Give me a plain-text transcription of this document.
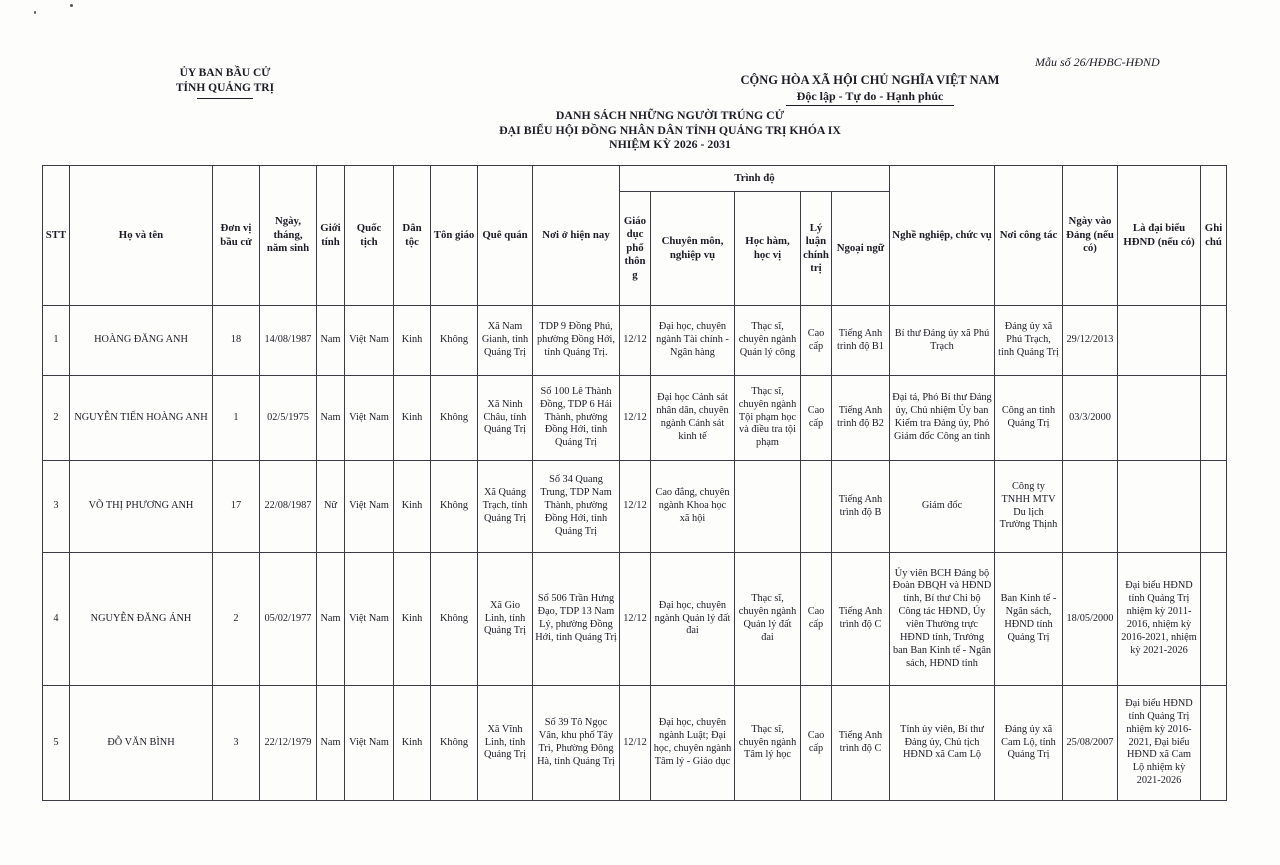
ỦY BAN BẦU CỬ
TỈNH QUẢNG TRỊ
Mẫu số 26/HĐBC-HĐND
CỘNG HÒA XÃ HỘI CHỦ NGHĨA VIỆT NAM
Độc lập - Tự do - Hạnh phúc
DANH SÁCH NHỮNG NGƯỜI TRÚNG CỬ
ĐẠI BIỂU HỘI ĐỒNG NHÂN DÂN TỈNH QUẢNG TRỊ KHÓA IX
NHIỆM KỲ 2026 - 2031
STT	Họ và tên	Đơn vị bầu cử	Ngày, tháng, năm sinh	Giới tính	Quốc tịch	Dân tộc	Tôn giáo	Quê quán	Nơi ở hiện nay	Trình độ					Nghề nghiệp, chức vụ	Nơi công tác	Ngày vào Đảng (nếu có)	Là đại biểu HĐND (nếu có)	Ghi chú
										Giáo dục phổ thông	Chuyên môn, nghiệp vụ	Học hàm, học vị	Lý luận chính trị	Ngoại ngữ					
1	HOÀNG ĐĂNG ANH	18	14/08/1987	Nam	Việt Nam	Kinh	Không	Xã Nam Gianh, tỉnh Quảng Trị	TDP 9 Đồng Phú, phường Đồng Hới, tỉnh Quảng Trị.	12/12	Đại học, chuyên ngành Tài chính - Ngân hàng	Thạc sĩ, chuyên ngành Quản lý công	Cao cấp	Tiếng Anh trình độ B1	Bí thư Đảng ủy xã Phú Trạch	Đảng ủy xã Phú Trạch, tỉnh Quảng Trị	29/12/2013		
2	NGUYỄN TIẾN HOÀNG ANH	1	02/5/1975	Nam	Việt Nam	Kinh	Không	Xã Ninh Châu, tỉnh Quảng Trị	Số 100 Lê Thành Đồng, TDP 6 Hải Thành, phường Đồng Hới, tỉnh Quảng Trị	12/12	Đại học Cảnh sát nhân dân, chuyên ngành Cảnh sát kinh tế	Thạc sĩ, chuyên ngành Tội phạm học và điều tra tội phạm	Cao cấp	Tiếng Anh trình độ B2	Đại tá, Phó Bí thư Đảng ủy, Chủ nhiệm Ủy ban Kiểm tra Đảng ủy, Phó Giám đốc Công an tỉnh	Công an tỉnh Quảng Trị	03/3/2000		
3	VÕ THỊ PHƯƠNG ANH	17	22/08/1987	Nữ	Việt Nam	Kinh	Không	Xã Quảng Trạch, tỉnh Quảng Trị	Số 34 Quang Trung, TDP Nam Thành, phường Đồng Hới, tỉnh Quảng Trị	12/12	Cao đẳng, chuyên ngành Khoa học xã hội			Tiếng Anh trình độ B	Giám đốc	Công ty TNHH MTV Du lịch Trường Thịnh			
4	NGUYỄN ĐĂNG ÁNH	2	05/02/1977	Nam	Việt Nam	Kinh	Không	Xã Gio Linh, tỉnh Quảng Trị	Số 506 Trần Hưng Đạo, TDP 13 Nam Lý, phường Đồng Hới, tỉnh Quảng Trị	12/12	Đại học, chuyên ngành Quản lý đất đai	Thạc sĩ, chuyên ngành Quản lý đất đai	Cao cấp	Tiếng Anh trình độ C	Ủy viên BCH Đảng bộ Đoàn ĐBQH và HĐND tỉnh, Bí thư Chi bộ Công tác HĐND, Ủy viên Thường trực HĐND tỉnh, Trưởng ban Ban Kinh tế - Ngân sách, HĐND tỉnh	Ban Kinh tế - Ngân sách, HĐND tỉnh Quảng Trị	18/05/2000	Đại biểu HĐND tỉnh Quảng Trị nhiệm kỳ 2011-2016, nhiệm kỳ 2016-2021, nhiệm kỳ 2021-2026	
5	ĐỖ VĂN BÌNH	3	22/12/1979	Nam	Việt Nam	Kinh	Không	Xã Vĩnh Linh, tỉnh Quảng Trị	Số 39 Tô Ngọc Vân, khu phố Tây Trì, Phường Đông Hà, tỉnh Quảng Trị	12/12	Đại học, chuyên ngành Luật; Đại học, chuyên ngành Tâm lý - Giáo dục	Thạc sĩ, chuyên ngành Tâm lý học	Cao cấp	Tiếng Anh trình độ C	Tỉnh ủy viên, Bí thư Đảng ủy, Chủ tịch HĐND xã Cam Lộ	Đảng ủy xã Cam Lộ, tỉnh Quảng Trị	25/08/2007	Đại biểu HĐND tỉnh Quảng Trị nhiệm kỳ 2016-2021, Đại biểu HĐND xã Cam Lộ nhiệm kỳ 2021-2026	
